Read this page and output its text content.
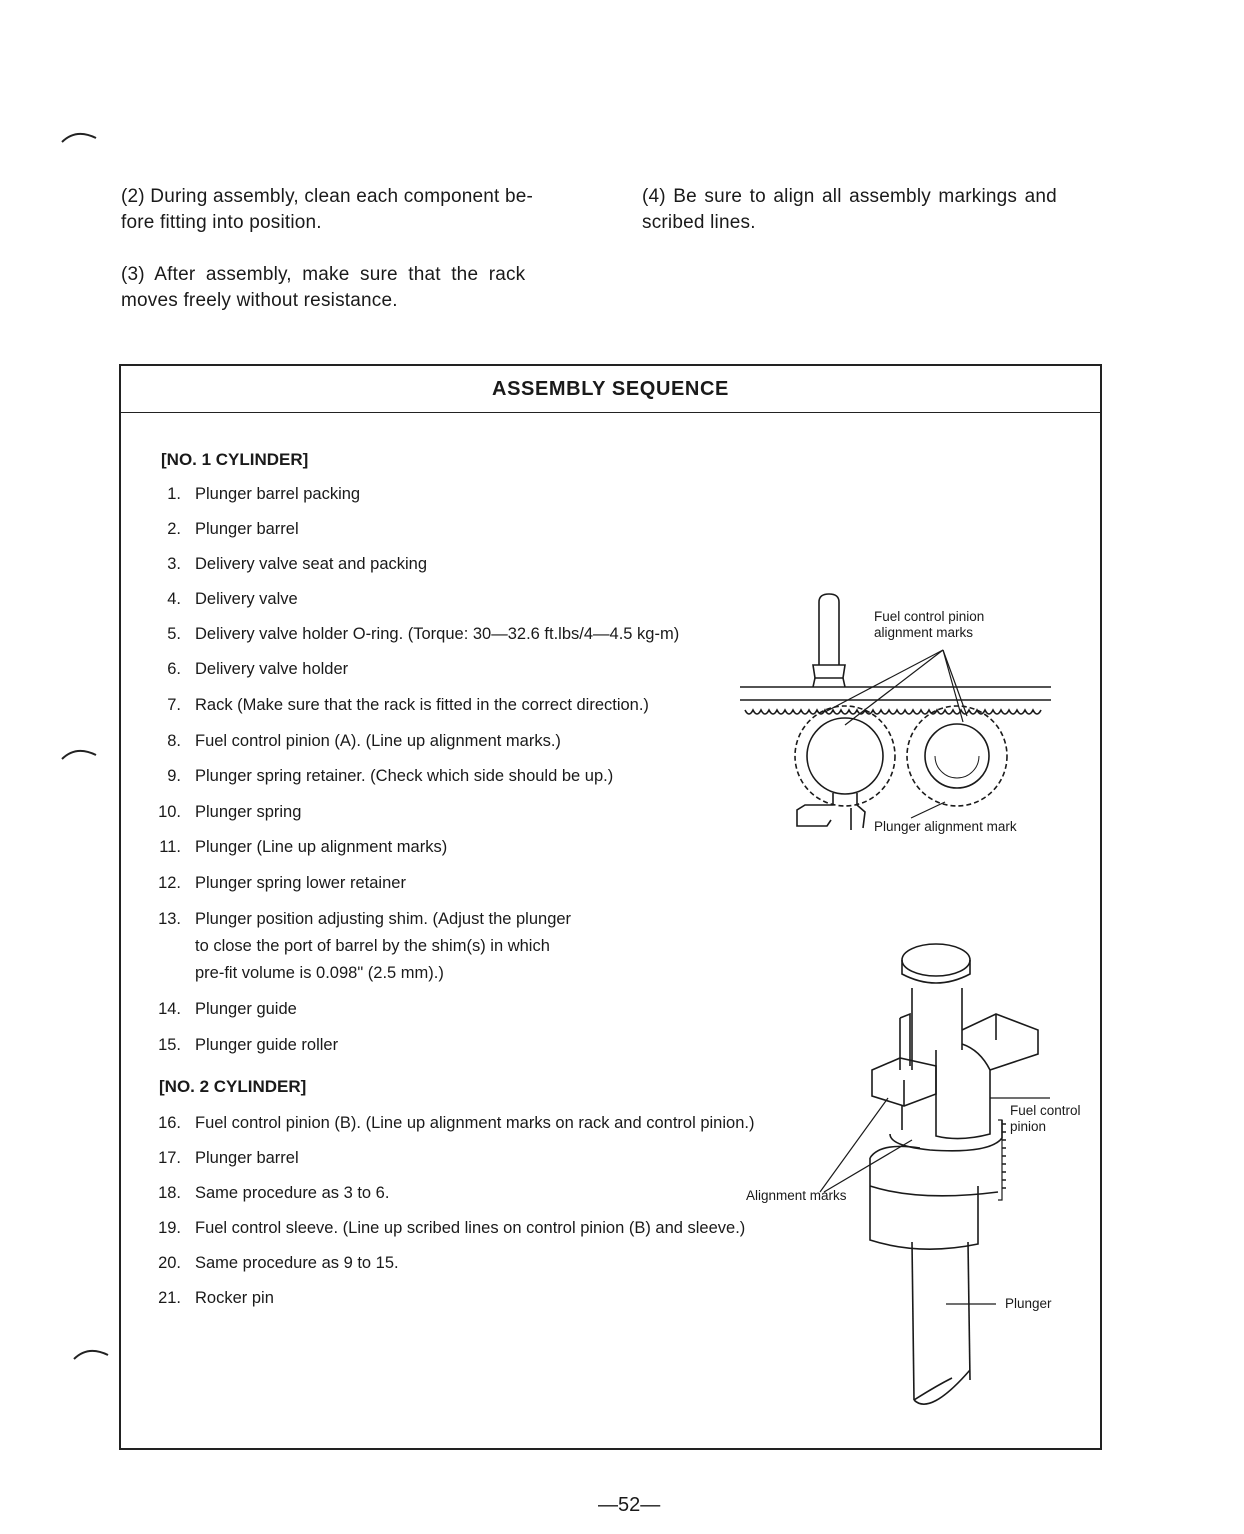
(2) During assembly, clean each component be-
fore fitting into position.
(3) After assembly, make sure that the rack
moves freely without resistance.
(4) Be sure to align all assembly markings and
scribed lines.
ASSEMBLY SEQUENCE
[NO. 1 CYLINDER]
1. Plunger barrel packing
2. Plunger barrel
3. Delivery valve seat and packing
4. Delivery valve
5. Delivery valve holder O-ring. (Torque: 30—32.6 ft.lbs/4—4.5 kg-m)
6. Delivery valve holder
7. Rack (Make sure that the rack is fitted in the correct direction.)
8. Fuel control pinion (A). (Line up alignment marks.)
9. Plunger spring retainer. (Check which side should be up.)
10. Plunger spring
11. Plunger (Line up alignment marks)
12. Plunger spring lower retainer
13. Plunger position adjusting shim. (Adjust the plunger
to close the port of barrel by the shim(s) in which
pre-fit volume is 0.098" (2.5 mm).)
14. Plunger guide
15. Plunger guide roller
[NO. 2 CYLINDER]
16. Fuel control pinion (B). (Line up alignment marks on rack and control pinion.)
17. Plunger barrel
18. Same procedure as 3 to 6.
19. Fuel control sleeve. (Line up scribed lines on control pinion (B) and sleeve.)
20. Same procedure as 9 to 15.
21. Rocker pin
Fuel control pinion
alignment marks
Plunger alignment mark
Fuel control
pinion
Alignment marks
Plunger
—52—
